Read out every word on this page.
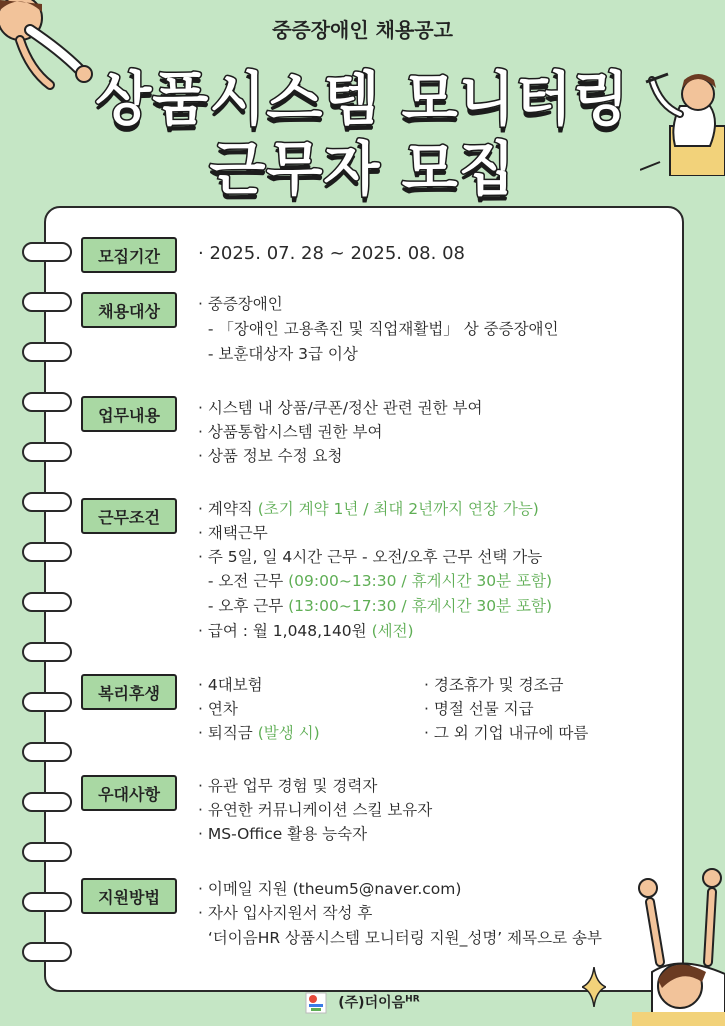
중증장애인 채용공고
상품시스템 모니터링
근무자 모집
모집기간	· 2025. 07. 28 ~ 2025. 08. 08
채용대상	· 중증장애인
- 「장애인 고용촉진 및 직업재활법」 상 중증장애인
- 보훈대상자 3급 이상
업무내용	· 시스템 내 상품/쿠폰/정산 관련 권한 부여
· 상품통합시스템 권한 부여
· 상품 정보 수정 요청
근무조건	· 계약직 (초기 계약 1년 / 최대 2년까지 연장 가능)
· 재택근무
· 주 5일, 일 4시간 근무 - 오전/오후 근무 선택 가능
- 오전 근무 (09:00~13:30 / 휴게시간 30분 포함)
- 오후 근무 (13:00~17:30 / 휴게시간 30분 포함)
· 급여 : 월 1,048,140원 (세전)
복리후생	· 4대보험
· 연차
· 퇴직금 (발생 시)
· 경조휴가 및 경조금
· 명절 선물 지급
· 그 외 기업 내규에 따름
우대사항	· 유관 업무 경험 및 경력자
· 유연한 커뮤니케이션 스킬 보유자
· MS-Office 활용 능숙자
지원방법	· 이메일 지원 (theum5@naver.com)
· 자사 입사지원서 작성 후
‘더이음HR 상품시스템 모니터링 지원_성명’ 제목으로 송부
(주)더이음$^{HR}$
